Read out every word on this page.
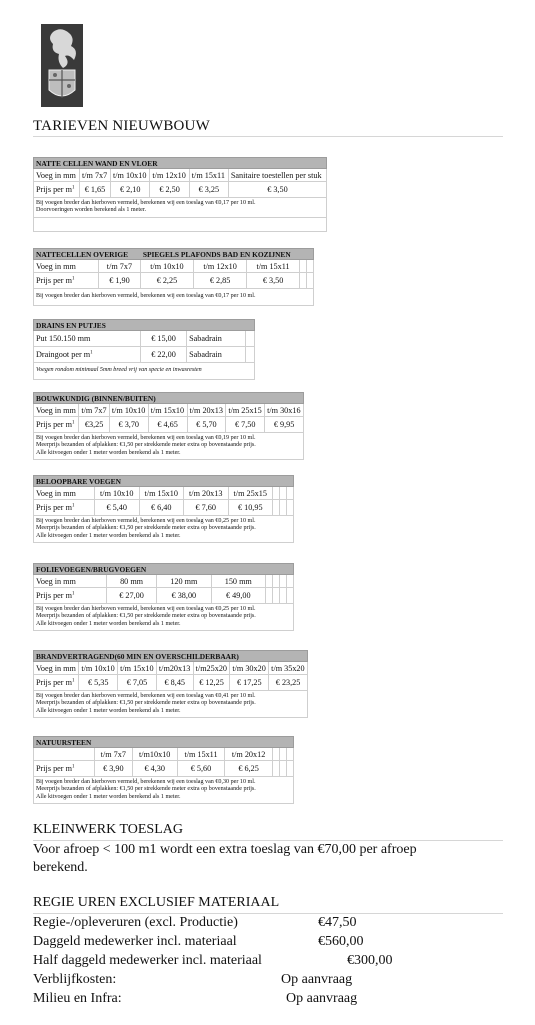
TARIEVEN NIEUWBOUW
NATTE CELLEN WAND EN VLOER					
Voeg in mm	t/m 7x7	t/m 10x10	t/m 12x10	t/m 15x11	Sanitaire toestellen per stuk
Prijs per $m^1$	€ 1,65	€ 2,10	€ 2,50	€ 3,25	€ 3,50

Bij voegen breder dan hierboven vermeld, berekenen wij een toeslag van €0,17 per 10 ml.
Doorvoeringen worden berekend als 1 meter.					

NATTECELLEN OVERIGE SPIEGELS PLAFONDS BAD EN KOZIJNEN						
Voeg in mm	t/m 7x7	t/m 10x10	t/m 12x10	t/m 15x11		
Prijs per $m^1$	€ 1,90	€ 2,25	€ 2,85	€ 3,50		
Bij voegen breder dan hierboven vermeld, berekenen wij een toeslag van €0,17 per 10 ml.						
DRAINS EN PUTJES			
Put 150.150 mm	€ 15,00	Sabadrain	
Draingoot per $m^1$	€ 22,00	Sabadrain	
Voegen rondom minimaal 5mm breed vrij van specie en inwasresten			
BOUWKUNDIG (BINNEN/BUITEN)						
Voeg in mm	t/m 7x7	t/m 10x10	t/m 15x10	t/m 20x13	t/m 25x15	t/m 30x16
Prijs per $m^1$	€3,25	€ 3,70	€ 4,65	€ 5,70	€ 7,50	€ 9,95

Bij voegen breder dan hierboven vermeld, berekenen wij een toeslag van €0,19 per 10 ml.
Meerprijs bezanden of afplakken: €1,50 per strekkende meter extra op bovenstaande prijs.
Alle kitvoegen onder 1 meter worden berekend als 1 meter.						
BELOOPBARE VOEGEN							
Voeg in mm	t/m 10x10	t/m 15x10	t/m 20x13	t/m 25x15			
Prijs per $m^1$	€ 5,40	€ 6,40	€ 7,60	€ 10,95			

Bij voegen breder dan hierboven vermeld, berekenen wij een toeslag van €0,25 per 10 ml.
Meerprijs bezanden of afplakken: €1,50 per strekkende meter extra op bovenstaande prijs.
Alle kitvoegen onder 1 meter worden berekend als 1 meter.							
FOLIEVOEGEN/BRUGVOEGEN							
Voeg in mm	80 mm	120 mm	150 mm				
Prijs per $m^1$	€ 27,00	€ 38,00	€ 49,00				

Bij voegen breder dan hierboven vermeld, berekenen wij een toeslag van €0,25 per 10 ml.
Meerprijs bezanden of afplakken: €1,50 per strekkende meter extra op bovenstaande prijs.
Alle kitvoegen onder 1 meter worden berekend als 1 meter.							
BRANDVERTRAGEND(60 MIN EN OVERSCHILDERBAAR)						
Voeg in mm	t/m 10x10	t/m 15x10	t/m20x13	t/m25x20	t/m 30x20	t/m 35x20
Prijs per $m^1$	€ 5,35	€ 7,05	€ 8,45	€ 12,25	€ 17,25	€ 23,25

Bij voegen breder dan hierboven vermeld, berekenen wij een toeslag van €0,41 per 10 ml.
Meerprijs bezanden of afplakken: €1,50 per strekkende meter extra op bovenstaande prijs.
Alle kitvoegen onder 1 meter worden berekend als 1 meter.						
NATUURSTEEN							
	t/m 7x7	t/m10x10	t/m 15x11	t/m 20x12			
Prijs per $m^1$	€ 3,90	€ 4,30	€ 5,60	€ 6,25			

Bij voegen breder dan hierboven vermeld, berekenen wij een toeslag van €0,30 per 10 ml.
Meerprijs bezanden of afplakken: €1,50 per strekkende meter extra op bovenstaande prijs.
Alle kitvoegen onder 1 meter worden berekend als 1 meter.							
KLEINWERK TOESLAG
Voor afroep < 100 m1 wordt een extra toeslag van €70,00 per afroep
berekend.
REGIE UREN EXCLUSIEF MATERIAAL
Regie-/opleveruren (excl. Productie)	€47,50
Daggeld medewerker incl. materiaal	€560,00
Half daggeld medewerker incl. materiaal	€300,00
Verblijfkosten:	Op aanvraag
Milieu en Infra:	Op aanvraag
